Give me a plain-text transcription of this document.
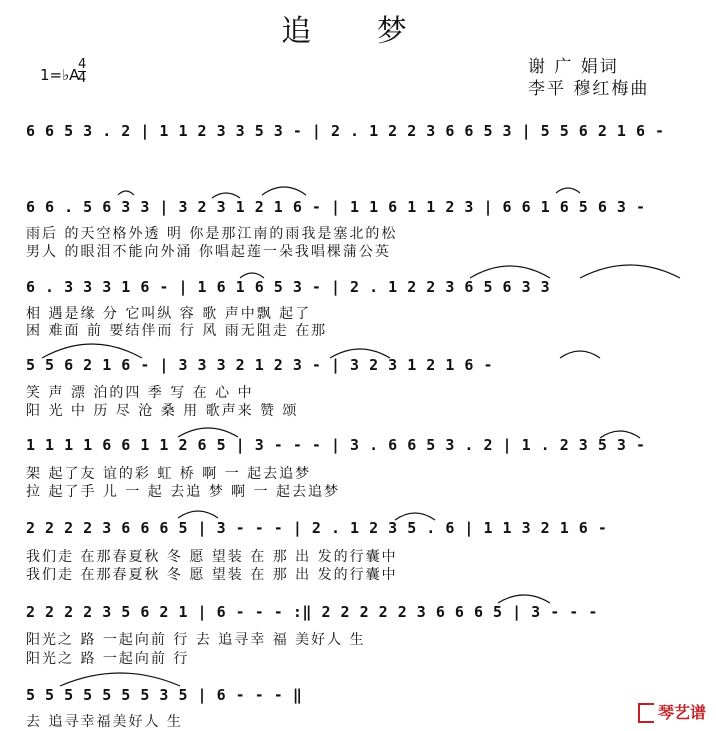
追 梦
1=♭A
4
4
谢 广 娟词
李平 穆红梅曲
6 6 5 3 . 2 | 1 1 2 3 3 5 3 - | 2 . 1 2 2 3 6 6 5 3 | 5 5 6 2 1 6 -
6 6 . 5 6 3 3 | 3 2 3 1 2 1 6 - | 1 1 6 1 1 2 3 | 6 6 1 6 5 6 3 -
雨后 的天空格外透 明 你是那江南的雨我是塞北的松
男人 的眼泪不能向外涌 你唱起莲一朵我唱棵蒲公英
6 . 3 3 3 1 6 - | 1 6 1 6 5 3 - | 2 . 1 2 2 3 6 5 6 3 3
相 遇是缘 分 它叫纵 容 歌 声中飘 起了
困 难面 前 要结伴而 行 风 雨无阻走 在那
5 5 6 2 1 6 - | 3 3 3 2 1 2 3 - | 3 2 3 1 2 1 6 -
笑 声 漂 泊的四 季 写 在 心 中
阳 光 中 历 尽 沧 桑 用 歌声来 赞 颂
1 1 1 1 6 6 1 1 2 6 5 | 3 - - - | 3 . 6 6 5 3 . 2 | 1 . 2 3 5 3 -
架 起了友 谊的彩 虹 桥 啊 一 起去追梦
拉 起了手 儿 一 起 去追 梦 啊 一 起去追梦
2 2 2 2 3 6 6 6 5 | 3 - - - | 2 . 1 2 3 5 . 6 | 1 1 3 2 1 6 -
我们走 在那春夏秋 冬 愿 望装 在 那 出 发的行囊中
我们走 在那春夏秋 冬 愿 望装 在 那 出 发的行囊中
2 2 2 2 3 5 6 2 1 | 6 - - - :‖ 2 2 2 2 2 3 6 6 6 5 | 3 - - -
阳光之 路 一起向前 行 去 追寻幸 福 美好人 生
阳光之 路 一起向前 行
5 5 5 5 5 5 5 3 5 | 6 - - - ‖
去 追寻幸福美好人 生
琴艺谱
